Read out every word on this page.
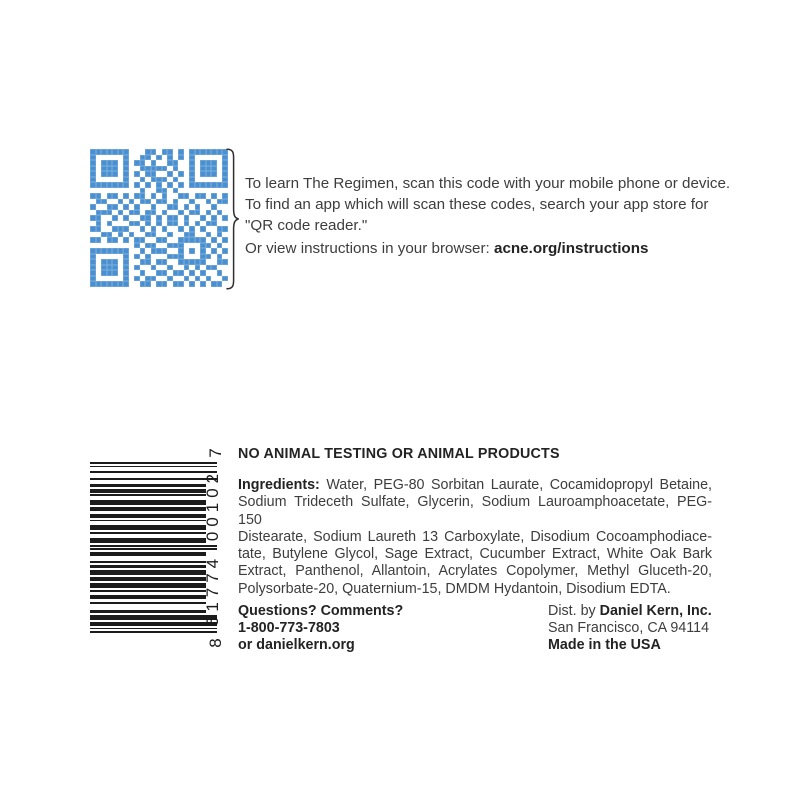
To learn The Regimen, scan this code with your mobile phone or device.
To find an app which will scan these codes, search your app store for
"QR code reader."
Or view instructions in your browser: acne.org/instructions
7
00102
51774
8
NO ANIMAL TESTING OR ANIMAL PRODUCTS
Ingredients: Water, PEG-80 Sorbitan Laurate, Cocamidopropyl Betaine,
Sodium Trideceth Sulfate, Glycerin, Sodium Lauroamphoacetate, PEG-150
Distearate, Sodium Laureth 13 Carboxylate, Disodium Cocoamphodiace-
tate, Butylene Glycol, Sage Extract, Cucumber Extract, White Oak Bark
Extract, Panthenol, Allantoin, Acrylates Copolymer, Methyl Gluceth-20,
Polysorbate-20, Quaternium-15, DMDM Hydantoin, Disodium EDTA.
Questions? Comments?
1-800-773-7803
or danielkern.org
Dist. by Daniel Kern, Inc.
San Francisco, CA 94114
Made in the USA
